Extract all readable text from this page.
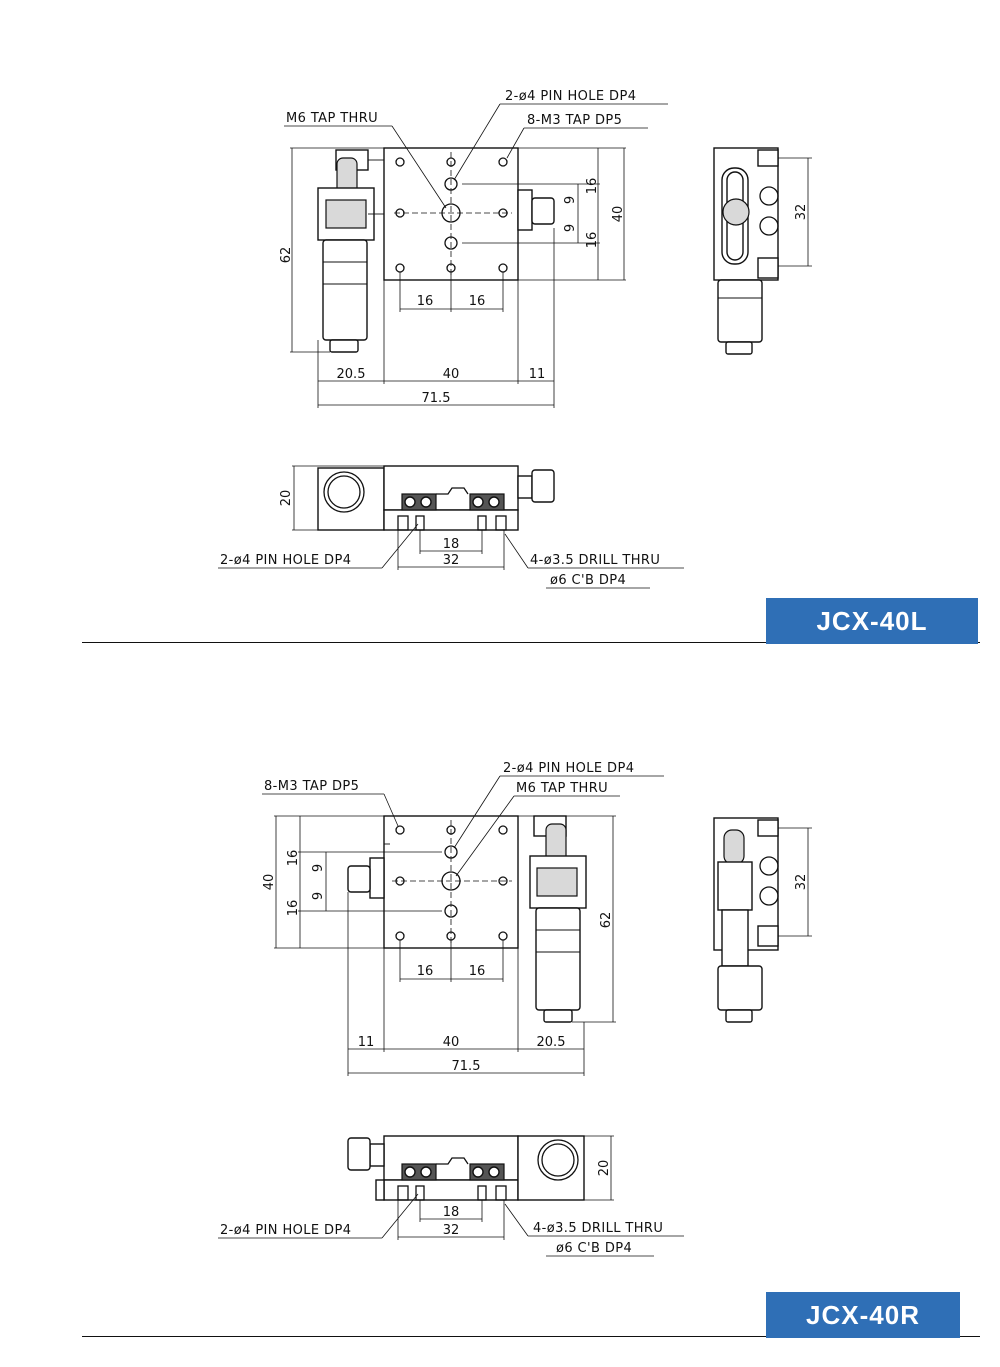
2-ø4 PIN HOLE DP4
8-M3 TAP DP5
M6 TAP THRU
62
16
9
9
16
40
16	16
20.5	40	11
71.5
32
20
18
32
2-ø4 PIN HOLE DP4	4-ø3.5 DRILL THRU
ø6 C'B DP4
2-ø4 PIN HOLE DP4
M6 TAP THRU
8-M3 TAP DP5
40
16
9
9
16
62
16	16
11	40	20.5
71.5
32
20
18
32
2-ø4 PIN HOLE DP4	4-ø3.5 DRILL THRU
ø6 C'B DP4
JCX-40L
JCX-40R
